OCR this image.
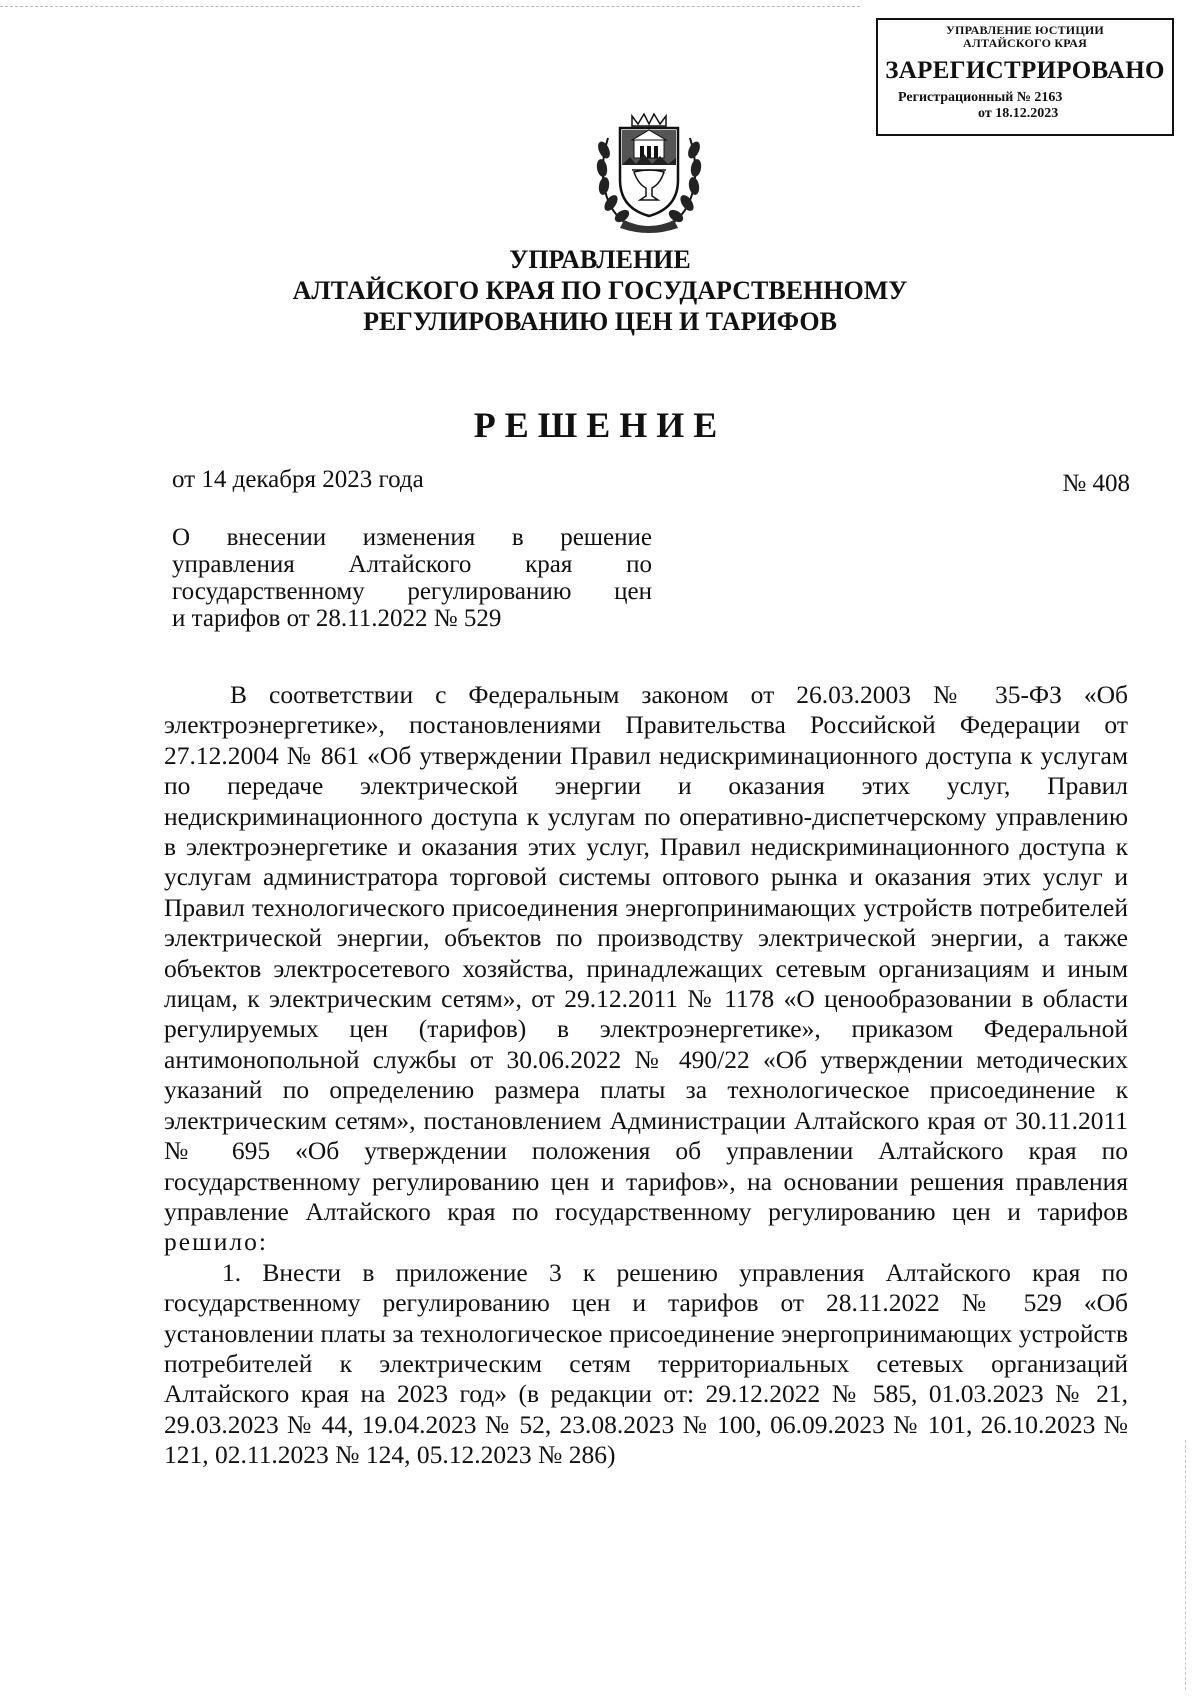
УПРАВЛЕНИЕ ЮСТИЦИИ
АЛТАЙСКОГО КРАЯ
ЗАРЕГИСТРИРОВАНО
Регистрационный № 2163
от 18.12.2023
УПРАВЛЕНИЕ
АЛТАЙСКОГО КРАЯ ПО ГОСУДАРСТВЕННОМУ
РЕГУЛИРОВАНИЮ ЦЕН И ТАРИФОВ
РЕШЕНИЕ
от 14 декабря 2023 года	№ 408
О внесении изменения в решение
управления Алтайского края по
государственному регулированию цен
и тарифов от 28.11.2022 № 529

В соответствии с Федеральным законом от 26.03.2003 № 35-ФЗ «Об электроэнергетике», постановлениями Правительства Российской Федерации от 27.12.2004 № 861 «Об утверждении Правил недискриминационного доступа к услугам по передаче электрической энергии и оказания этих услуг, Правил недискриминационного доступа к услугам по оперативно-диспетчерскому управлению в электроэнергетике и оказания этих услуг, Правил недискриминационного доступа к услугам администратора торговой системы оптового рынка и оказания этих услуг и Правил технологического присоединения энергопринимающих устройств потребителей электрической энергии, объектов по производству электрической энергии, а также объектов электросетевого хозяйства, принадлежащих сетевым организациям и иным лицам, к электрическим сетям», от 29.12.2011 № 1178 «О ценообразовании в области регулируемых цен (тарифов) в электроэнергетике», приказом Федеральной антимонопольной службы от 30.06.2022 № 490/22 «Об утверждении методических указаний по определению размера платы за технологическое присоединение к электрическим сетям», постановлением Администрации Алтайского края от 30.11.2011 № 695 «Об утверждении положения об управлении Алтайского края по государственному регулированию цен и тарифов», на основании решения правления управление Алтайского края по государственному регулированию цен и тарифов решило:

1. Внести в приложение 3 к решению управления Алтайского края по государственному регулированию цен и тарифов от 28.11.2022 № 529 «Об установлении платы за технологическое присоединение энергопринимающих устройств потребителей к электрическим сетям территориальных сетевых организаций Алтайского края на 2023 год» (в редакции от: 29.12.2022 № 585, 01.03.2023 № 21, 29.03.2023 № 44, 19.04.2023 № 52, 23.08.2023 № 100, 06.09.2023 № 101, 26.10.2023 № 121, 02.11.2023 № 124, 05.12.2023 № 286)
